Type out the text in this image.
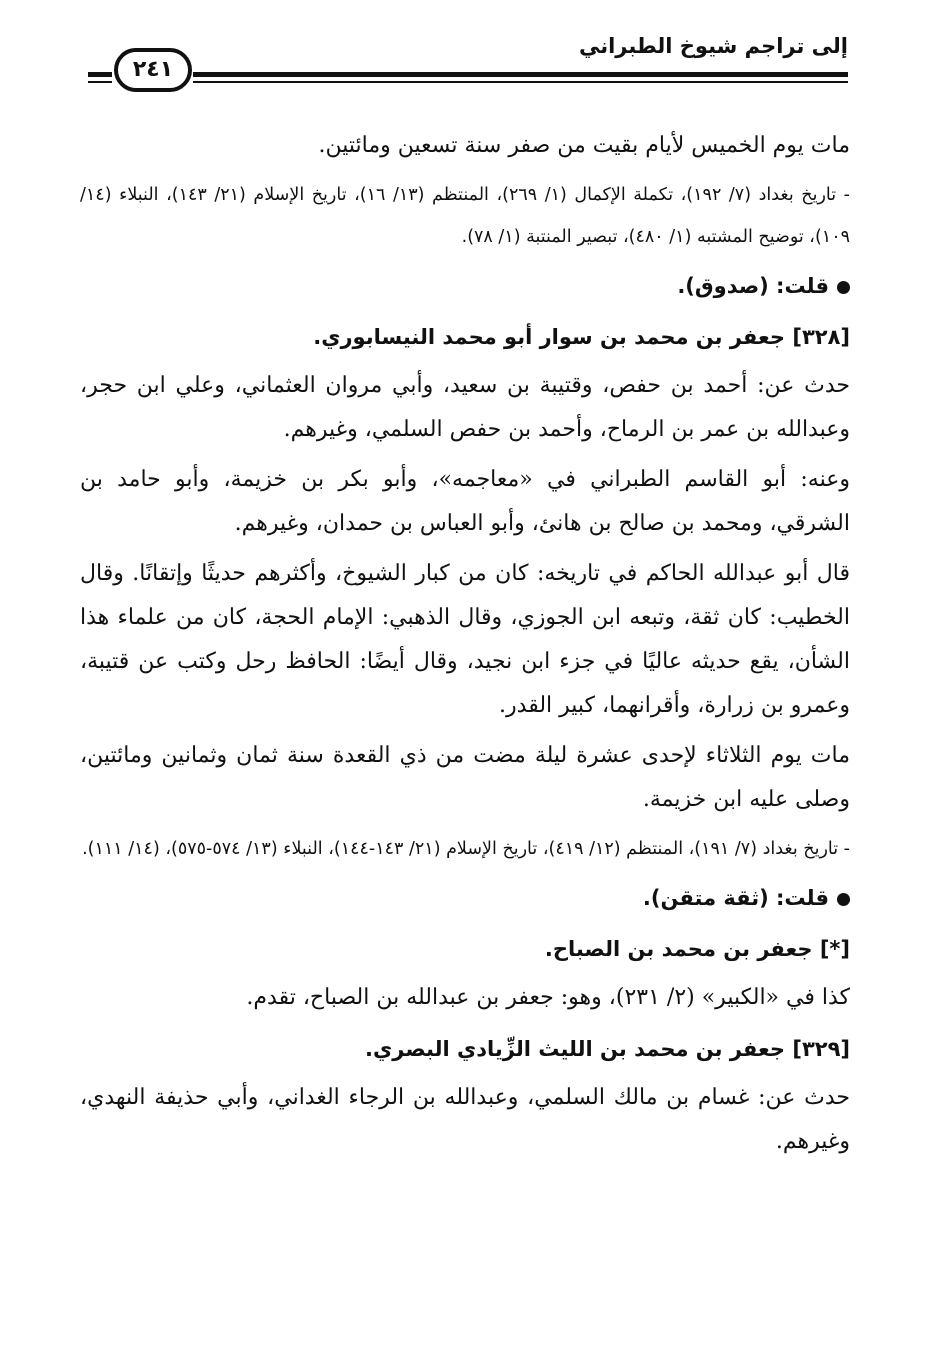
إلى تراجم شيوخ الطبراني
٢٤١

مات يوم الخميس لأيام بقيت من صفر سنة تسعين ومائتين.

- تاريخ بغداد (٧/ ١٩٢)، تكملة الإكمال (١/ ٢٦٩)، المنتظم (١٣/ ١٦)، تاريخ الإسلام (٢١/ ١٤٣)، النبلاء (١٤/ ١٠٩)، توضيح المشتبه (١/ ٤٨٠)، تبصير المنتبة (١/ ٧٨).

قلت: (صدوق).

[٣٢٨] جعفر بن محمد بن سوار أبو محمد النيسابوري.

حدث عن: أحمد بن حفص، وقتيبة بن سعيد، وأبي مروان العثماني، وعلي ابن حجر، وعبدالله بن عمر بن الرماح، وأحمد بن حفص السلمي، وغيرهم.

وعنه: أبو القاسم الطبراني في «معاجمه»، وأبو بكر بن خزيمة، وأبو حامد بن الشرقي، ومحمد بن صالح بن هانئ، وأبو العباس بن حمدان، وغيرهم.

قال أبو عبدالله الحاكم في تاريخه: كان من كبار الشيوخ، وأكثرهم حديثًا وإتقانًا. وقال الخطيب: كان ثقة، وتبعه ابن الجوزي، وقال الذهبي: الإمام الحجة، كان من علماء هذا الشأن، يقع حديثه عاليًا في جزء ابن نجيد، وقال أيضًا: الحافظ رحل وكتب عن قتيبة، وعمرو بن زرارة، وأقرانهما، كبير القدر.

مات يوم الثلاثاء لإحدى عشرة ليلة مضت من ذي القعدة سنة ثمان وثمانين ومائتين، وصلى عليه ابن خزيمة.

- تاريخ بغداد (٧/ ١٩١)، المنتظم (١٢/ ٤١٩)، تاريخ الإسلام (٢١/ ١٤٣-١٤٤)، النبلاء (١٣/ ٥٧٤-٥٧٥)، (١٤/ ١١١).

قلت: (ثقة متقن).

[*] جعفر بن محمد بن الصباح.

كذا في «الكبير» (٢/ ٢٣١)، وهو: جعفر بن عبدالله بن الصباح، تقدم.

[٣٢٩] جعفر بن محمد بن الليث الزِّيادي البصري.

حدث عن: غسام بن مالك السلمي، وعبدالله بن الرجاء الغداني، وأبي حذيفة النهدي، وغيرهم.
